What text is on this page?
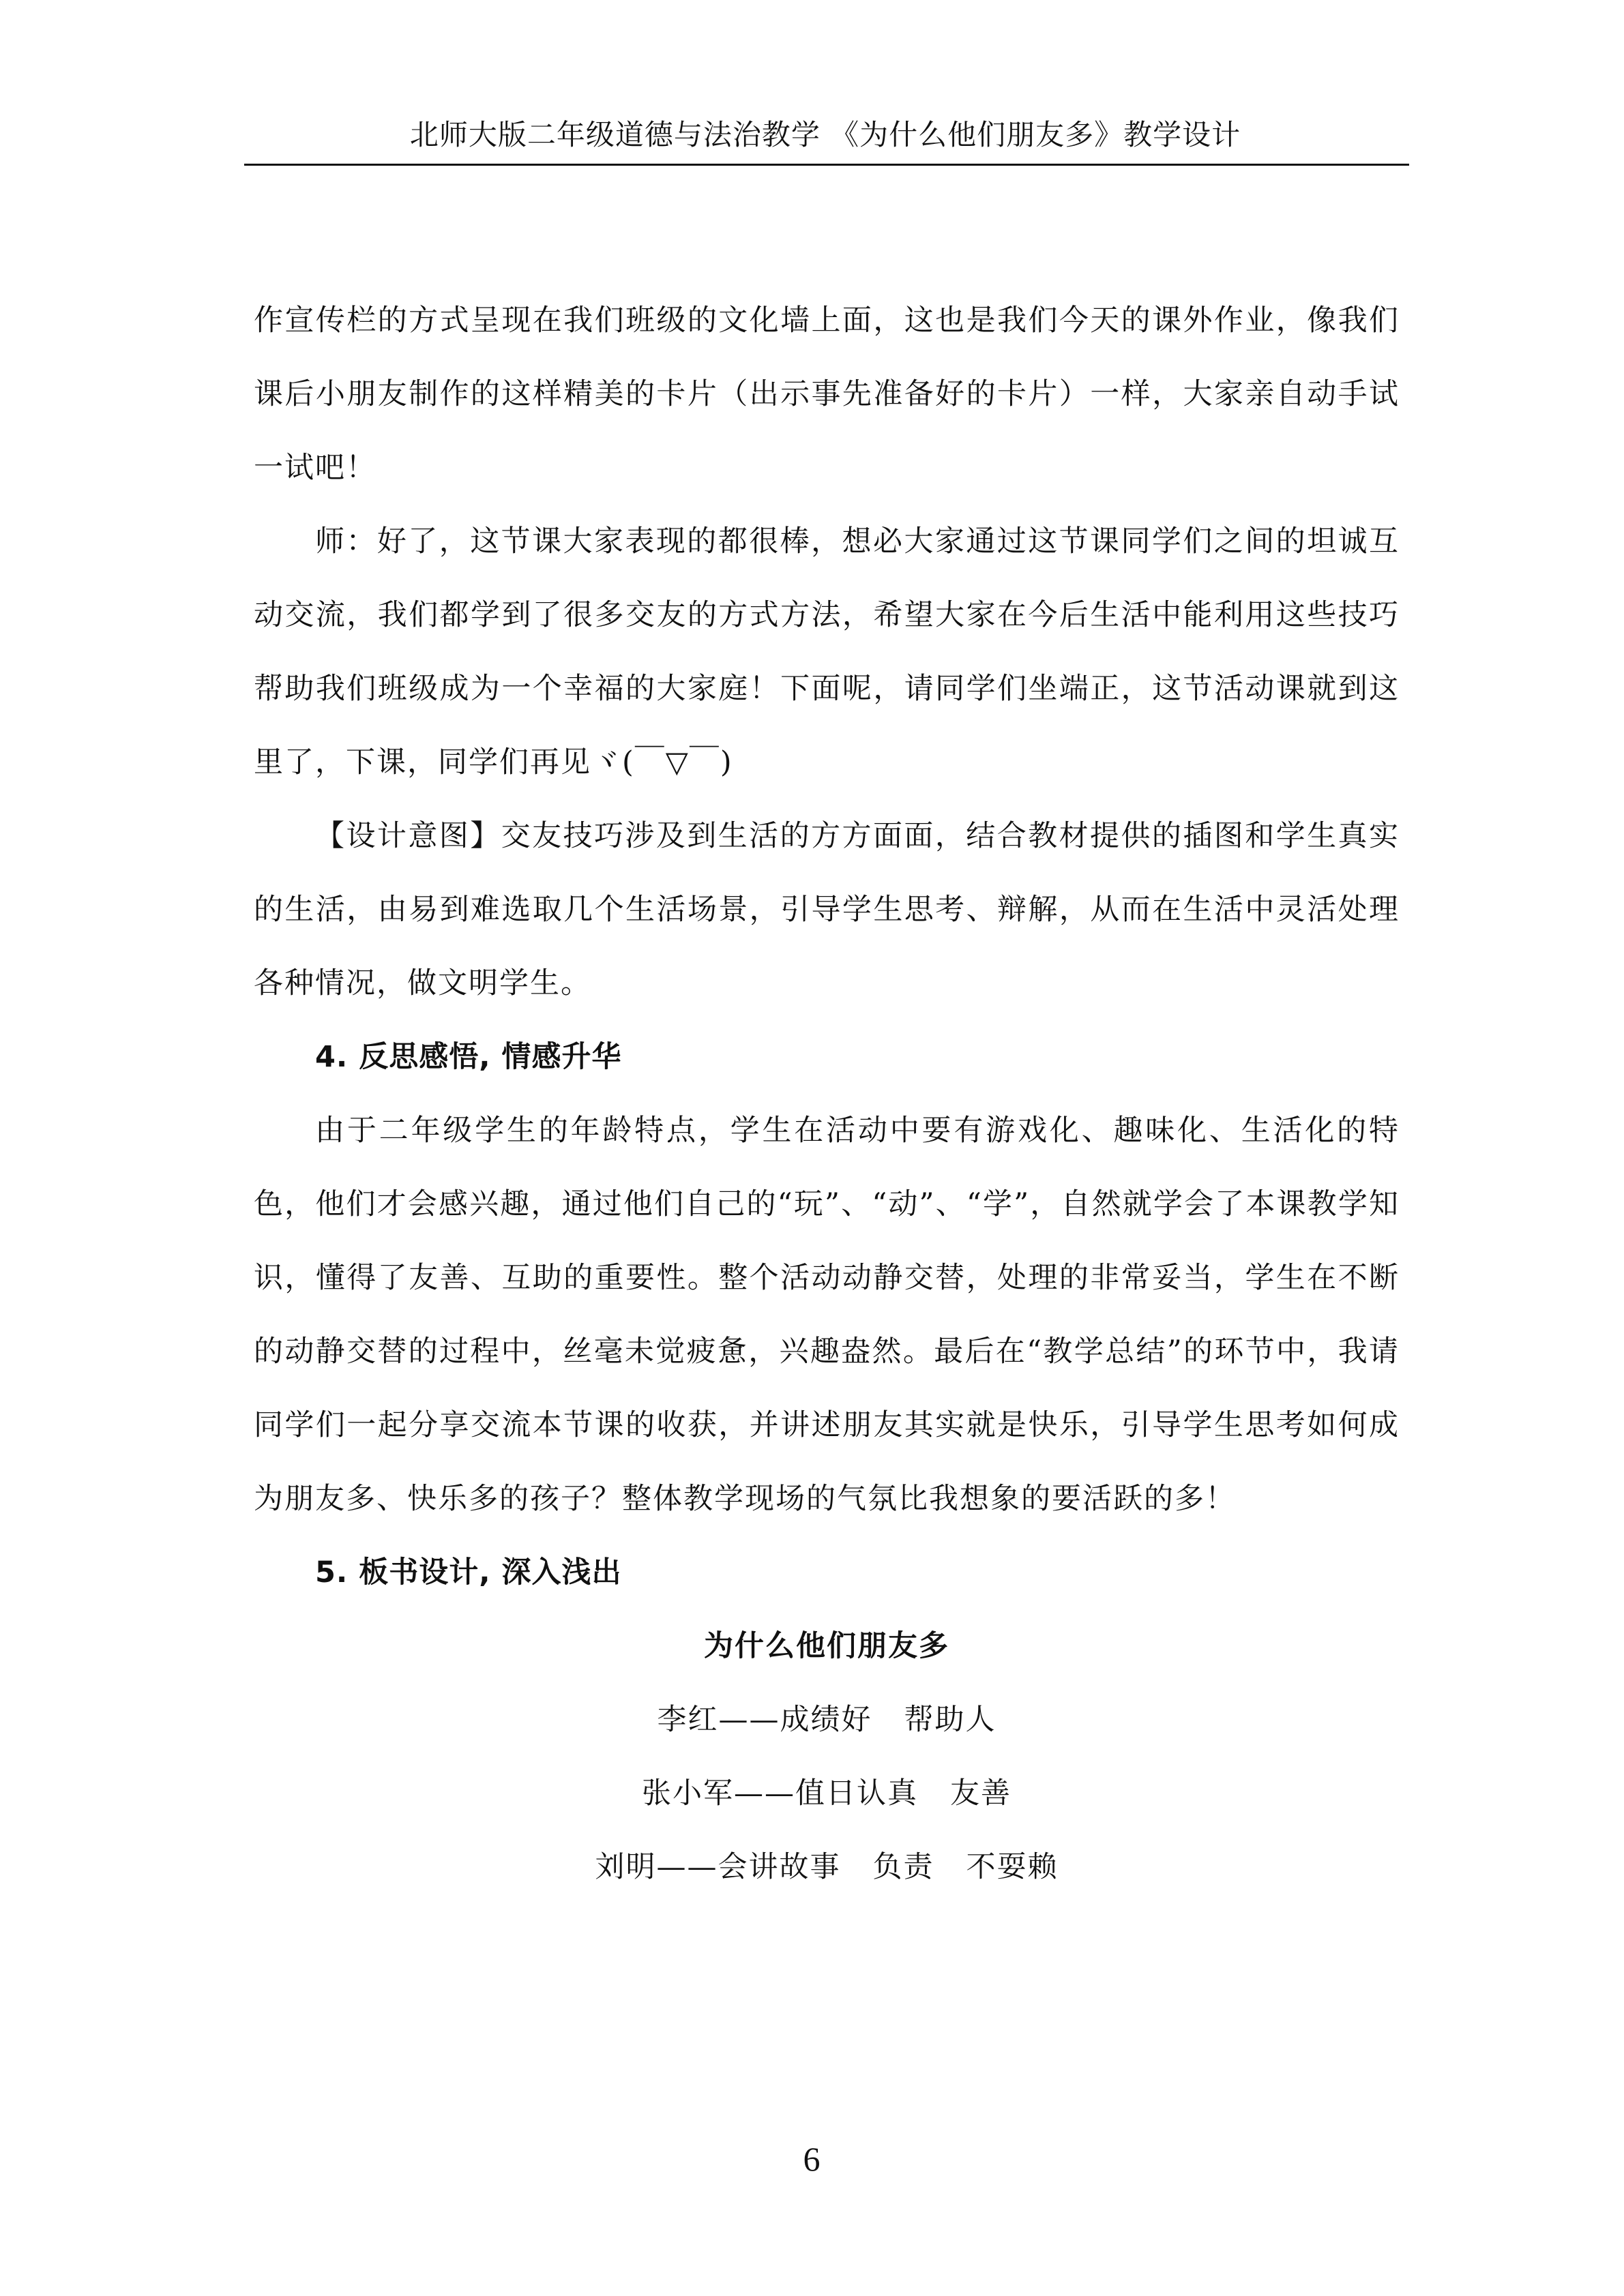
北师大版二年级道德与法治教学 《为什么他们朋友多》教学设计

作宣传栏的方式呈现在我们班级的文化墙上面，这也是我们今天的课外作业，像我们课后小朋友制作的这样精美的卡片（出示事先准备好的卡片）一样，大家亲自动手试一试吧！

师：好了，这节课大家表现的都很棒，想必大家通过这节课同学们之间的坦诚互动交流，我们都学到了很多交友的方式方法，希望大家在今后生活中能利用这些技巧帮助我们班级成为一个幸福的大家庭！下面呢，请同学们坐端正，这节活动课就到这里了，下课，同学们再见ヾ(￣▽￣)

【设计意图】交友技巧涉及到生活的方方面面，结合教材提供的插图和学生真实的生活，由易到难选取几个生活场景，引导学生思考、辩解，从而在生活中灵活处理各种情况，做文明学生。

4. 反思感悟, 情感升华

由于二年级学生的年龄特点，学生在活动中要有游戏化、趣味化、生活化的特色，他们才会感兴趣，通过他们自己的“玩”、“动”、“学”，自然就学会了本课教学知识，懂得了友善、互助的重要性。整个活动动静交替，处理的非常妥当，学生在不断的动静交替的过程中，丝毫未觉疲惫，兴趣盎然。最后在“教学总结”的环节中，我请同学们一起分享交流本节课的收获，并讲述朋友其实就是快乐，引导学生思考如何成为朋友多、快乐多的孩子？整体教学现场的气氛比我想象的要活跃的多！

5. 板书设计, 深入浅出

为什么他们朋友多
李红——成绩好   帮助人
张小军——值日认真   友善
刘明——会讲故事   负责   不耍赖
6
